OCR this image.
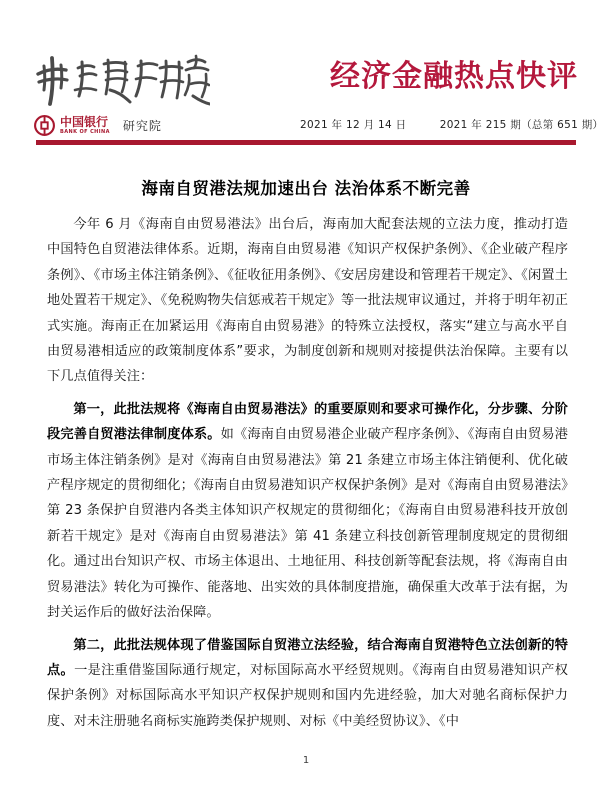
经济金融热点快评
中国银行
BANK OF CHINA 研究院	2021 年 12 月 14 日	2021 年 215 期（总第 651 期）
海南自贸港法规加速出台 法治体系不断完善

今年 6 月《海南自由贸易港法》出台后，海南加大配套法规的立法力度，推动打造中国特色自贸港法律体系。近期，海南自由贸易港《知识产权保护条例》、《企业破产程序条例》、《市场主体注销条例》、《征收征用条例》、《安居房建设和管理若干规定》、《闲置土地处置若干规定》、《免税购物失信惩戒若干规定》等一批法规审议通过，并将于明年初正式实施。海南正在加紧运用《海南自由贸易港》的特殊立法授权，落实“建立与高水平自由贸易港相适应的政策制度体系”要求，为制度创新和规则对接提供法治保障。主要有以下几点值得关注：

第一，此批法规将《海南自由贸易港法》的重要原则和要求可操作化，分步骤、分阶段完善自贸港法律制度体系。如《海南自由贸易港企业破产程序条例》、《海南自由贸易港市场主体注销条例》是对《海南自由贸易港法》第 21 条建立市场主体注销便利、优化破产程序规定的贯彻细化；《海南自由贸易港知识产权保护条例》是对《海南自由贸易港法》第 23 条保护自贸港内各类主体知识产权规定的贯彻细化；《海南自由贸易港科技开放创新若干规定》是对《海南自由贸易港法》第 41 条建立科技创新管理制度规定的贯彻细化。通过出台知识产权、市场主体退出、土地征用、科技创新等配套法规，将《海南自由贸易港法》转化为可操作、能落地、出实效的具体制度措施，确保重大改革于法有据，为封关运作后的做好法治保障。

第二，此批法规体现了借鉴国际自贸港立法经验，结合海南自贸港特色立法创新的特点。一是注重借鉴国际通行规定，对标国际高水平经贸规则。《海南自由贸易港知识产权保护条例》对标国际高水平知识产权保护规则和国内先进经验，加大对驰名商标保护力度、对未注册驰名商标实施跨类保护规则、对标《中美经贸协议》、《中

1
